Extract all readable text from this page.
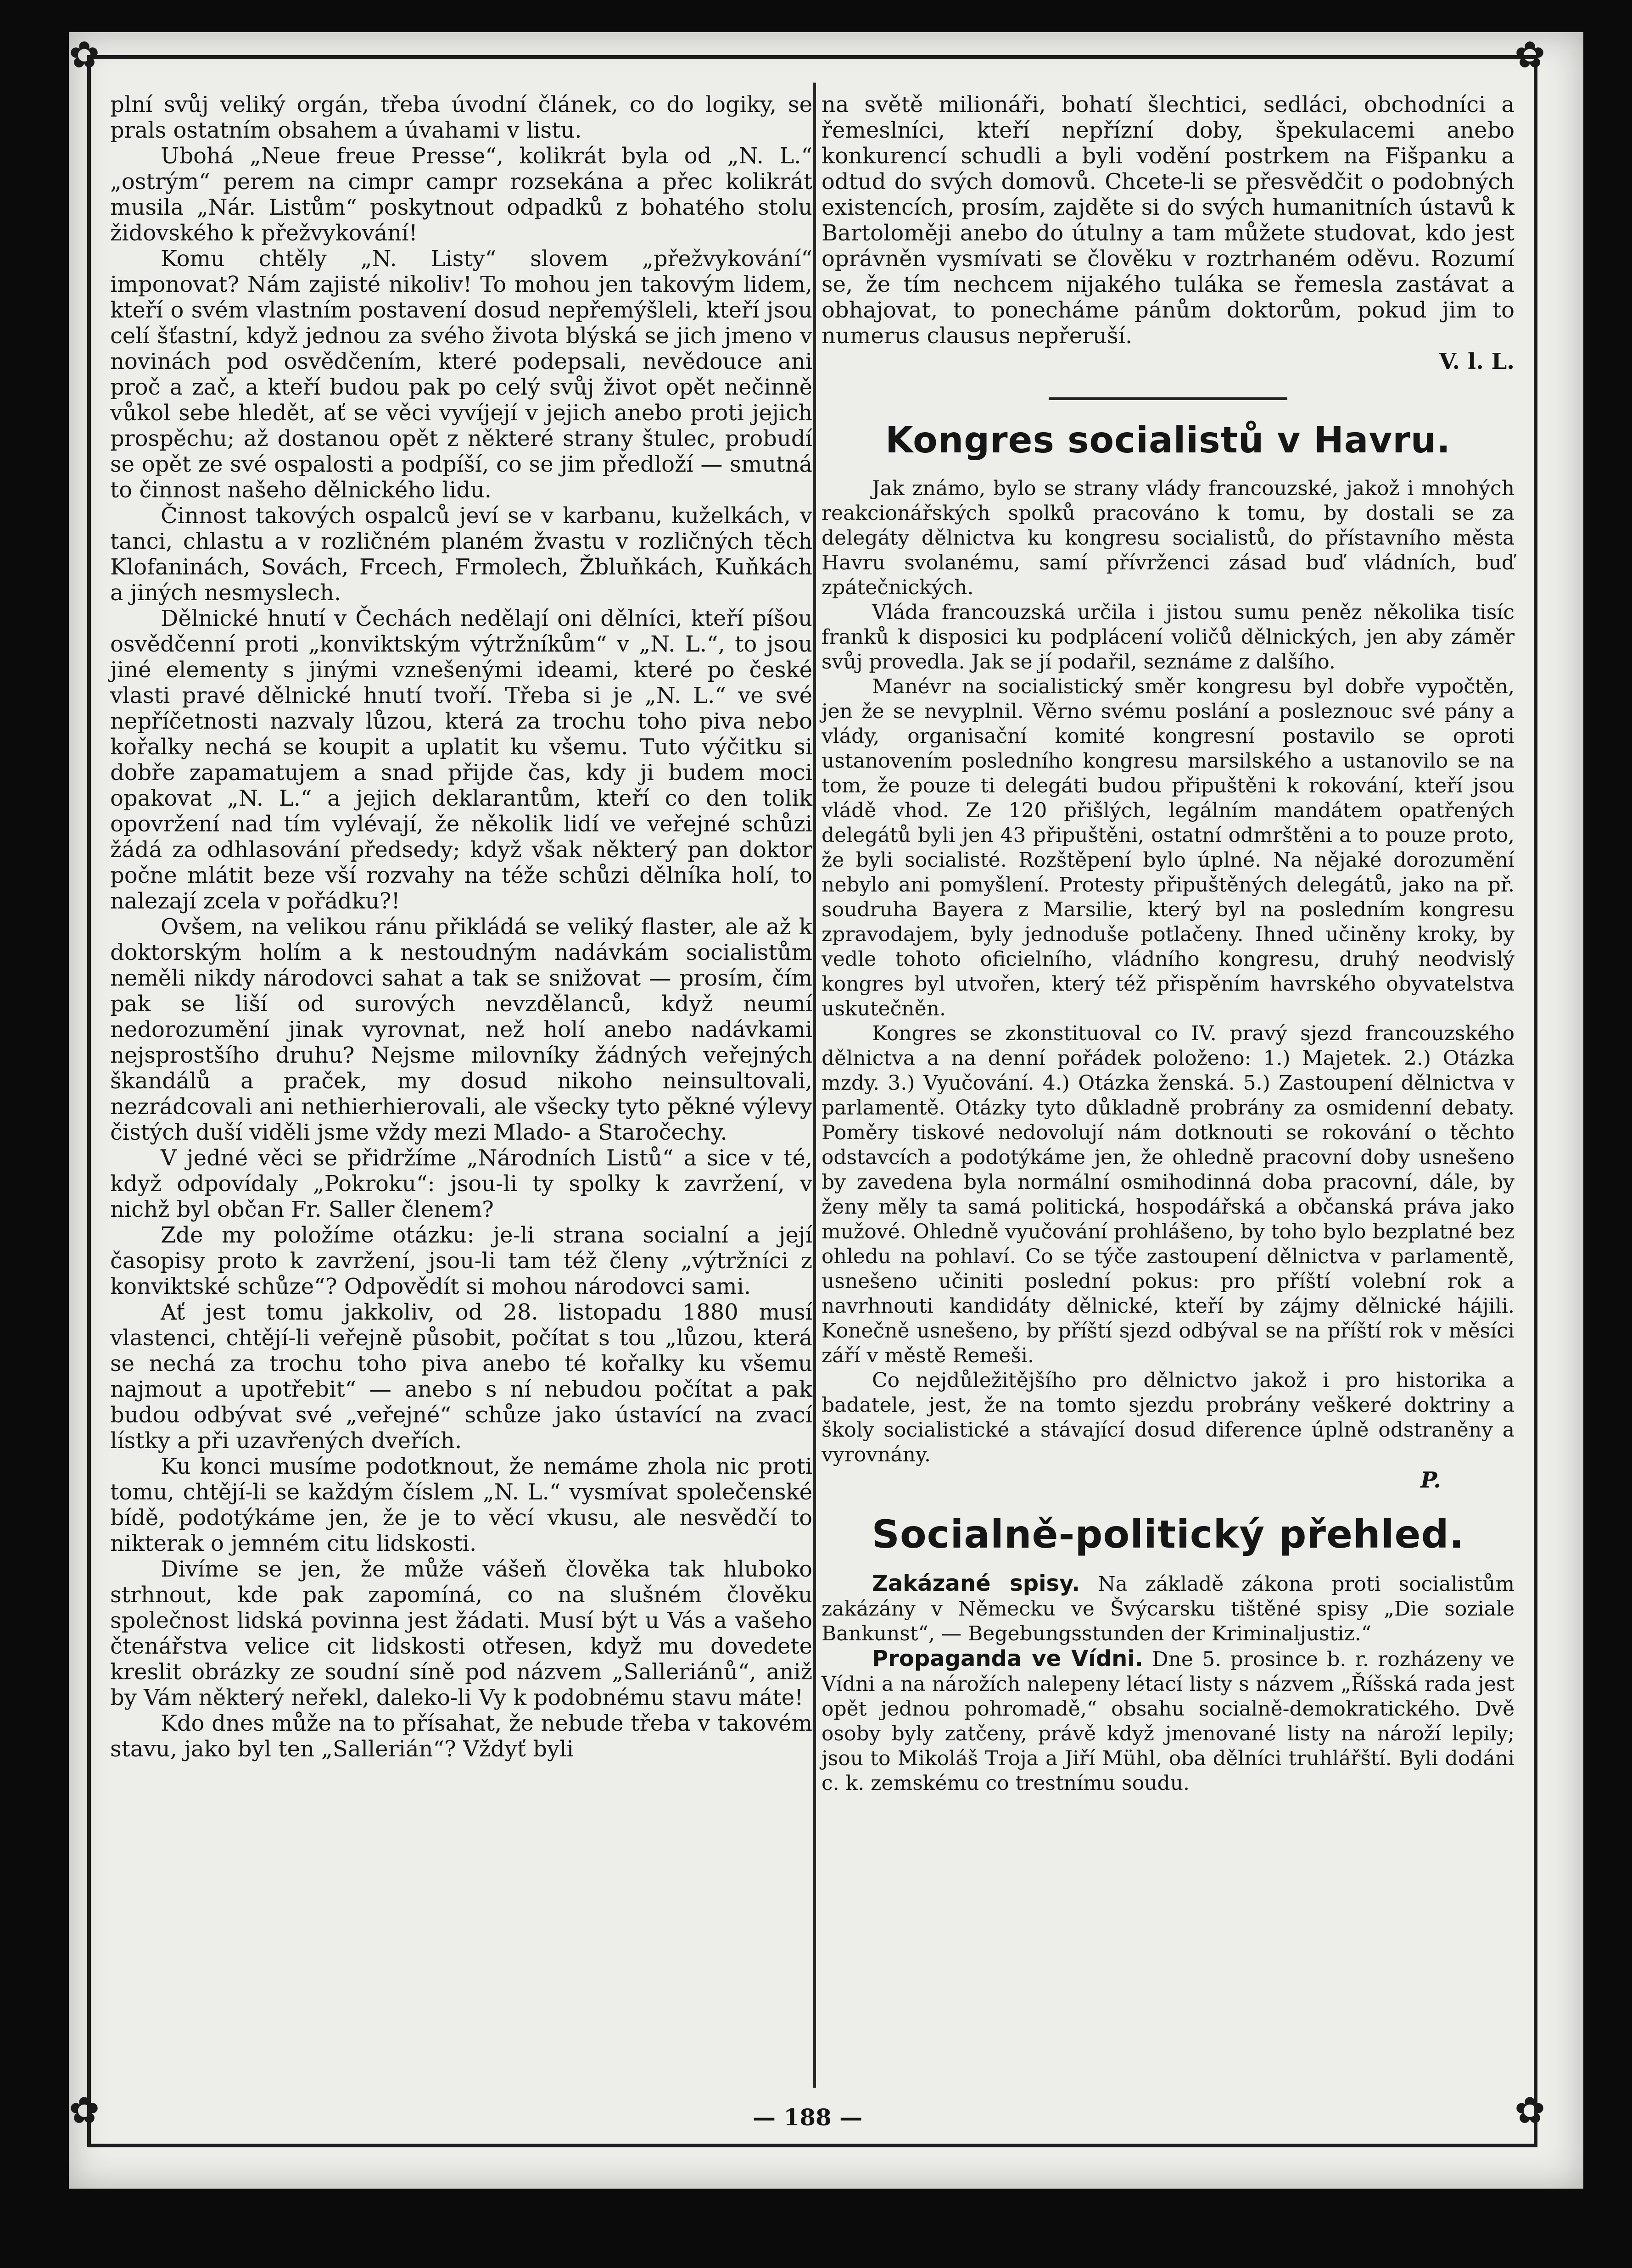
✿	✿
✿	✿

plní svůj veliký orgán, třeba úvodní článek, co do logiky, se prals ostatním obsahem a úvahami v listu.

Ubohá „Neue freue Presse“, kolikrát byla od „N. L.“ „ostrým“ perem na cimpr campr rozsekána a přec kolikrát musila „Nár. Listům“ poskytnout odpadků z bohatého stolu židovského k přežvykování!

Komu chtěly „N. Listy“ slovem „přežvykování“ imponovat? Nám zajisté nikoliv! To mohou jen takovým lidem, kteří o svém vlastním postavení dosud nepřemýšleli, kteří jsou celí šťastní, když jednou za svého života blýská se jich jmeno v novinách pod osvědčením, které podepsali, nevědouce ani proč a zač, a kteří budou pak po celý svůj život opět nečinně vůkol sebe hledět, ať se věci vyvíjejí v jejich anebo proti jejich prospěchu; až dostanou opět z některé strany štulec, probudí se opět ze své ospalosti a podpíší, co se jim předloží — smutná to činnost našeho dělnického lidu.

Činnost takových ospalců jeví se v karbanu, kuželkách, v tanci, chlastu a v rozličném planém žvastu v rozličných těch Klofaninách, Sovách, Frcech, Frmolech, Žbluňkách, Kuňkách a jiných nesmyslech.

Dělnické hnutí v Čechách nedělají oni dělníci, kteří píšou osvědčenní proti „konviktským výtržníkům“ v „N. L.“, to jsou jiné elementy s jinými vznešenými ideami, které po české vlasti pravé dělnické hnutí tvoří. Třeba si je „N. L.“ ve své nepříčetnosti nazvaly lůzou, která za trochu toho piva nebo kořalky nechá se koupit a uplatit ku všemu. Tuto výčitku si dobře zapamatujem a snad přijde čas, kdy ji budem moci opakovat „N. L.“ a jejich deklarantům, kteří co den tolik opovržení nad tím vylévají, že několik lidí ve veřejné schůzi žádá za odhlasování předsedy; když však některý pan doktor počne mlátit beze vší rozvahy na téže schůzi dělníka holí, to nalezají zcela v pořádku?!

Ovšem, na velikou ránu přikládá se veliký flaster, ale až k doktorským holím a k nestoudným nadávkám socialistům neměli nikdy národovci sahat a tak se snižovat — prosím, čím pak se liší od surových nevzdělanců, když neumí nedorozumění jinak vyrovnat, než holí anebo nadávkami nejsprostšího druhu? Nejsme milovníky žádných veřejných škandálů a praček, my dosud nikoho neinsultovali, nezrádcovali ani nethierhierovali, ale všecky tyto pěkné výlevy čistých duší viděli jsme vždy mezi Mlado- a Staročechy.

V jedné věci se přidržíme „Národních Listů“ a sice v té, když odpovídaly „Pokroku“: jsou-li ty spolky k zavržení, v nichž byl občan Fr. Saller členem?

Zde my položíme otázku: je-li strana socialní a její časopisy proto k zavržení, jsou-li tam též členy „výtržníci z konviktské schůze“? Odpovědít si mohou národovci sami.

Ať jest tomu jakkoliv, od 28. listopadu 1880 musí vlastenci, chtějí-li veřejně působit, počítat s tou „lůzou, která se nechá za trochu toho piva anebo té kořalky ku všemu najmout a upotřebit“ — anebo s ní nebudou počítat a pak budou odbývat své „veřejné“ schůze jako ústavící na zvací lístky a při uzavřených dveřích.

Ku konci musíme podotknout, že nemáme zhola nic proti tomu, chtějí-li se každým číslem „N. L.“ vysmívat společenské bídě, podotýkáme jen, že je to věcí vkusu, ale nesvědčí to nikterak o jemném citu lidskosti.

Divíme se jen, že může vášeň člověka tak hluboko strhnout, kde pak zapomíná, co na slušném člověku společnost lidská povinna jest žádati. Musí být u Vás a vašeho čtenářstva velice cit lidskosti otřesen, když mu dovedete kreslit obrázky ze soudní síně pod názvem „Salleriánů“, aniž by Vám některý neřekl, daleko-li Vy k podobnému stavu máte!

Kdo dnes může na to přísahat, že nebude třeba v takovém stavu, jako byl ten „Sallerián“? Vždyť byli

na světě milionáři, bohatí šlechtici, sedláci, obchodníci a řemeslníci, kteří nepřízní doby, špekulacemi anebo konkurencí schudli a byli vodění postrkem na Fišpanku a odtud do svých domovů. Chcete-li se přesvědčit o podobných existencích, prosím, zajděte si do svých humanitních ústavů k Bartoloměji anebo do útulny a tam můžete studovat, kdo jest oprávněn vysmívati se člověku v roztrhaném oděvu. Rozumí se, že tím nechcem nijakého tuláka se řemesla zastávat a obhajovat, to ponecháme pánům doktorům, pokud jim to numerus clausus nepřeruší.

V. l. L.
Kongres socialistů v Havru.

Jak známo, bylo se strany vlády francouzské, jakož i mnohých reakcionářských spolků pracováno k tomu, by dostali se za delegáty dělnictva ku kongresu socialistů, do přístavního města Havru svolanému, samí přívrženci zásad buď vládních, buď zpátečnických.

Vláda francouzská určila i jistou sumu peněz několika tisíc franků k disposici ku podplácení voličů dělnických, jen aby záměr svůj provedla. Jak se jí podařil, seznáme z dalšího.

Manévr na socialistický směr kongresu byl dobře vypočtěn, jen že se nevyplnil. Věrno svému poslání a posleznouc své pány a vlády, organisační komité kongresní postavilo se oproti ustanovením posledního kongresu marsilského a ustanovilo se na tom, že pouze ti delegáti budou připuštěni k rokování, kteří jsou vládě vhod. Ze 120 přišlých, legálním mandátem opatřených delegátů byli jen 43 připuštěni, ostatní odmrštěni a to pouze proto, že byli socialisté. Rozštěpení bylo úplné. Na nějaké dorozumění nebylo ani pomyšlení. Protesty připuštěných delegátů, jako na př. soudruha Bayera z Marsilie, který byl na posledním kongresu zpravodajem, byly jednoduše potlačeny. Ihned učiněny kroky, by vedle tohoto oficielního, vládního kongresu, druhý neodvislý kongres byl utvořen, který též přispěním havrského obyvatelstva uskutečněn.

Kongres se zkonstituoval co IV. pravý sjezd francouzského dělnictva a na denní pořádek položeno: 1.) Majetek. 2.) Otázka mzdy. 3.) Vyučování. 4.) Otázka ženská. 5.) Zastoupení dělnictva v parlamentě. Otázky tyto důkladně probrány za osmidenní debaty. Poměry tiskové nedovolují nám dotknouti se rokování o těchto odstavcích a podotýkáme jen, že ohledně pracovní doby usnešeno by zavedena byla normální osmihodinná doba pracovní, dále, by ženy měly ta samá politická, hospodářská a občanská práva jako mužové. Ohledně vyučování prohlášeno, by toho bylo bezplatné bez ohledu na pohlaví. Co se týče zastoupení dělnictva v parlamentě, usnešeno učiniti poslední pokus: pro příští volební rok a navrhnouti kandidáty dělnické, kteří by zájmy dělnické hájili. Konečně usnešeno, by příští sjezd odbýval se na příští rok v měsíci září v městě Remeši.

Co nejdůležitějšího pro dělnictvo jakož i pro historika a badatele, jest, že na tomto sjezdu probrány veškeré doktriny a školy socialistické a stávající dosud diference úplně odstraněny a vyrovnány.

P.
Socialně-politický přehled.

Zakázané spisy. Na základě zákona proti socialistům zakázány v Německu ve Švýcarsku tištěné spisy „Die soziale Bankunst“, — Begebungsstunden der Kriminaljustiz.“

Propaganda ve Vídni. Dne 5. prosince b. r. rozházeny ve Vídni a na nárožích nalepeny létací listy s názvem „Říšská rada jest opět jednou pohromadě,“ obsahu socialně-demokratického. Dvě osoby byly zatčeny, právě když jmenované listy na nároží lepily; jsou to Mikoláš Troja a Jiří Mühl, oba dělníci truhlářští. Byli dodáni c. k. zemskému co trestnímu soudu.

— 188 —
